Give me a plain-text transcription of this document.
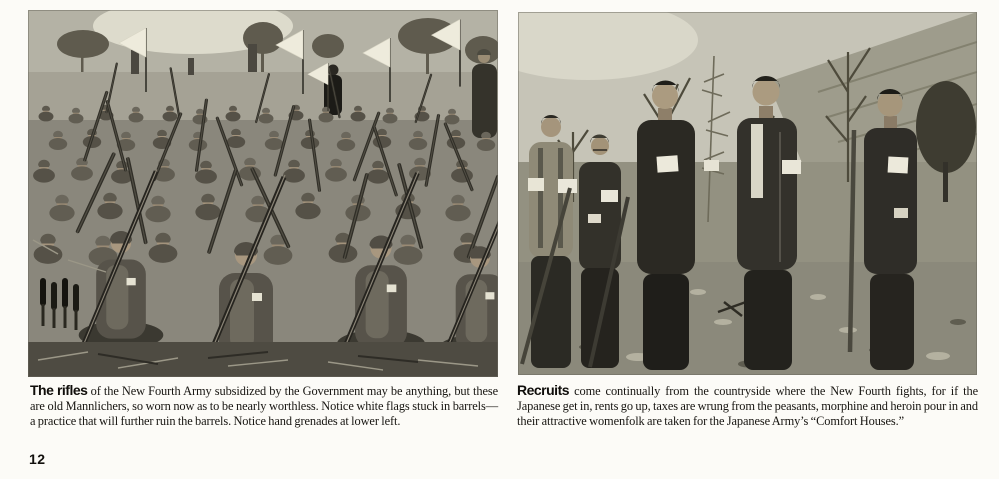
The rifles of the New Fourth Army subsidized by the Government may be anything, but these are old Mannlichers, so worn now as to be nearly worthless. Notice white flags stuck in barrels—a practice that will further ruin the barrels. Notice hand grenades at lower left.

Recruits come continually from the countryside where the New Fourth fights, for if the Japanese get in, rents go up, taxes are wrung from the peasants, morphine and heroin pour in and their attractive womenfolk are taken for the Japanese Army’s “Comfort Houses.”

12
